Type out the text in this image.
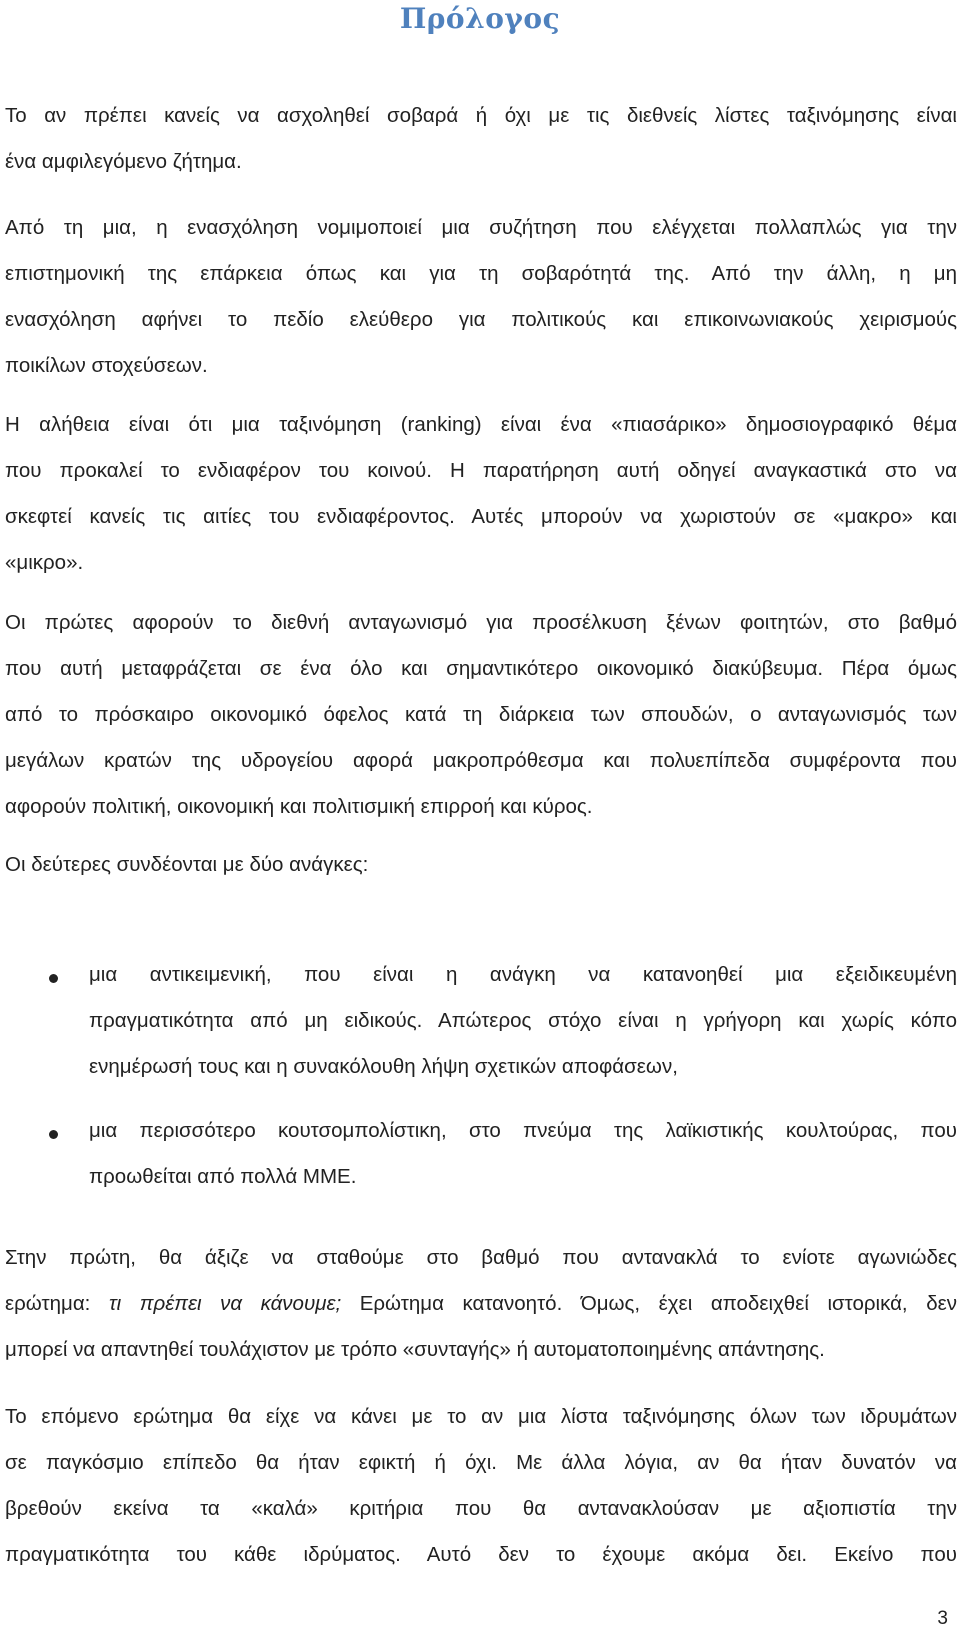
Πρόλογος
Το αν πρέπει κανείς να ασχοληθεί σοβαρά ή όχι με τις διεθνείς λίστες ταξινόμησης είναι
ένα αμφιλεγόμενο ζήτημα.
Από τη μια, η ενασχόληση νομιμοποιεί μια συζήτηση που ελέγχεται πολλαπλώς για την
επιστημονική της επάρκεια όπως και για τη σοβαρότητά της. Από την άλλη, η μη
ενασχόληση αφήνει το πεδίο ελεύθερο για πολιτικούς και επικοινωνιακούς χειρισμούς
ποικίλων στοχεύσεων.
Η αλήθεια είναι ότι μια ταξινόμηση (ranking) είναι ένα «πιασάρικο» δημοσιογραφικό θέμα
που προκαλεί το ενδιαφέρον του κοινού. Η παρατήρηση αυτή οδηγεί αναγκαστικά στο να
σκεφτεί κανείς τις αιτίες του ενδιαφέροντος. Αυτές μπορούν να χωριστούν σε «μακρο» και
«μικρο».
Οι πρώτες αφορούν το διεθνή ανταγωνισμό για προσέλκυση ξένων φοιτητών, στο βαθμό
που αυτή μεταφράζεται σε ένα όλο και σημαντικότερο οικονομικό διακύβευμα. Πέρα όμως
από το πρόσκαιρο οικονομικό όφελος κατά τη διάρκεια των σπουδών, ο ανταγωνισμός των
μεγάλων κρατών της υδρογείου αφορά μακροπρόθεσμα και πολυεπίπεδα συμφέροντα που
αφορούν πολιτική, οικονομική και πολιτισμική επιρροή και κύρος.
Οι δεύτερες συνδέονται με δύο ανάγκες:
μια αντικειμενική, που είναι η ανάγκη να κατανοηθεί μια εξειδικευμένη
πραγματικότητα από μη ειδικούς. Απώτερος στόχο είναι η γρήγορη και χωρίς κόπο
ενημέρωσή τους και η συνακόλουθη λήψη σχετικών αποφάσεων,
μια περισσότερο κουτσομπολίστικη, στο πνεύμα της λαϊκιστικής κουλτούρας, που
προωθείται από πολλά ΜΜΕ.
Στην πρώτη, θα άξιζε να σταθούμε στο βαθμό που αντανακλά το ενίοτε αγωνιώδες
ερώτημα: τι πρέπει να κάνουμε; Ερώτημα κατανοητό. Όμως, έχει αποδειχθεί ιστορικά, δεν
μπορεί να απαντηθεί τουλάχιστον με τρόπο «συνταγής» ή αυτοματοποιημένης απάντησης.
Το επόμενο ερώτημα θα είχε να κάνει με το αν μια λίστα ταξινόμησης όλων των ιδρυμάτων
σε παγκόσμιο επίπεδο θα ήταν εφικτή ή όχι. Με άλλα λόγια, αν θα ήταν δυνατόν να
βρεθούν εκείνα τα «καλά» κριτήρια που θα αντανακλούσαν με αξιοπιστία την
πραγματικότητα του κάθε ιδρύματος. Αυτό δεν το έχουμε ακόμα δει. Εκείνο που
3
